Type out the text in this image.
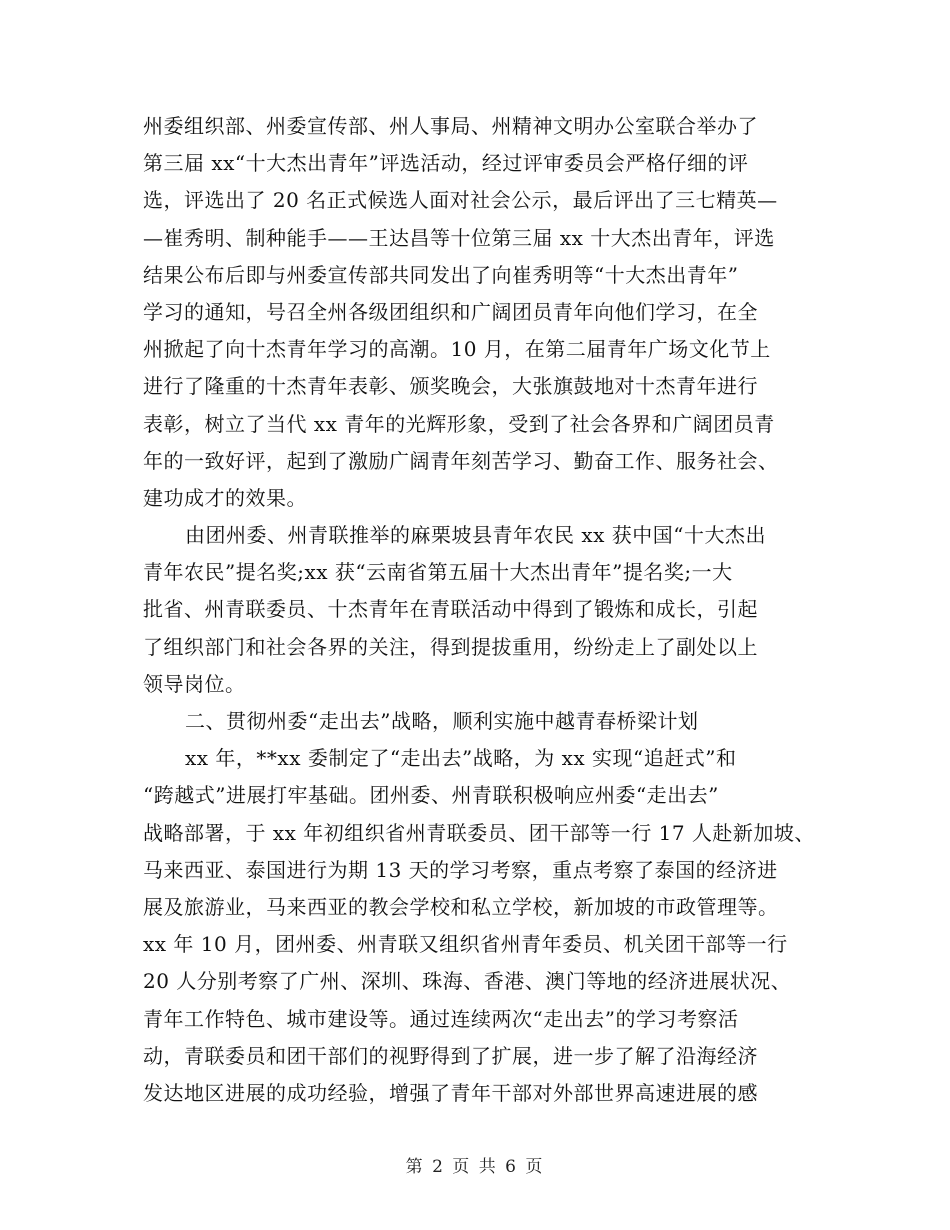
州委组织部、州委宣传部、州人事局、州精神文明办公室联合举办了
第三届 xx“十大杰出青年”评选活动，经过评审委员会严格仔细的评
选，评选出了 20 名正式候选人面对社会公示，最后评出了三七精英—
—崔秀明、制种能手——王达昌等十位第三届 xx 十大杰出青年，评选
结果公布后即与州委宣传部共同发出了向崔秀明等“十大杰出青年”
学习的通知，号召全州各级团组织和广阔团员青年向他们学习，在全
州掀起了向十杰青年学习的高潮。10 月，在第二届青年广场文化节上
进行了隆重的十杰青年表彰、颁奖晚会，大张旗鼓地对十杰青年进行
表彰，树立了当代 xx 青年的光辉形象，受到了社会各界和广阔团员青
年的一致好评，起到了激励广阔青年刻苦学习、勤奋工作、服务社会、
建功成才的效果。
由团州委、州青联推举的麻栗坡县青年农民 xx 获中国“十大杰出
青年农民”提名奖;xx 获“云南省第五届十大杰出青年”提名奖;一大
批省、州青联委员、十杰青年在青联活动中得到了锻炼和成长，引起
了组织部门和社会各界的关注，得到提拔重用，纷纷走上了副处以上
领导岗位。
二、贯彻州委“走出去”战略，顺利实施中越青春桥梁计划
xx 年，**xx 委制定了“走出去”战略，为 xx 实现“追赶式”和
“跨越式”进展打牢基础。团州委、州青联积极响应州委“走出去”
战略部署，于 xx 年初组织省州青联委员、团干部等一行 17 人赴新加坡、
马来西亚、泰国进行为期 13 天的学习考察，重点考察了泰国的经济进
展及旅游业，马来西亚的教会学校和私立学校，新加坡的市政管理等。
xx 年 10 月，团州委、州青联又组织省州青年委员、机关团干部等一行
20 人分别考察了广州、深圳、珠海、香港、澳门等地的经济进展状况、
青年工作特色、城市建设等。通过连续两次“走出去”的学习考察活
动，青联委员和团干部们的视野得到了扩展，进一步了解了沿海经济
发达地区进展的成功经验，增强了青年干部对外部世界高速进展的感
第 2 页 共 6 页
